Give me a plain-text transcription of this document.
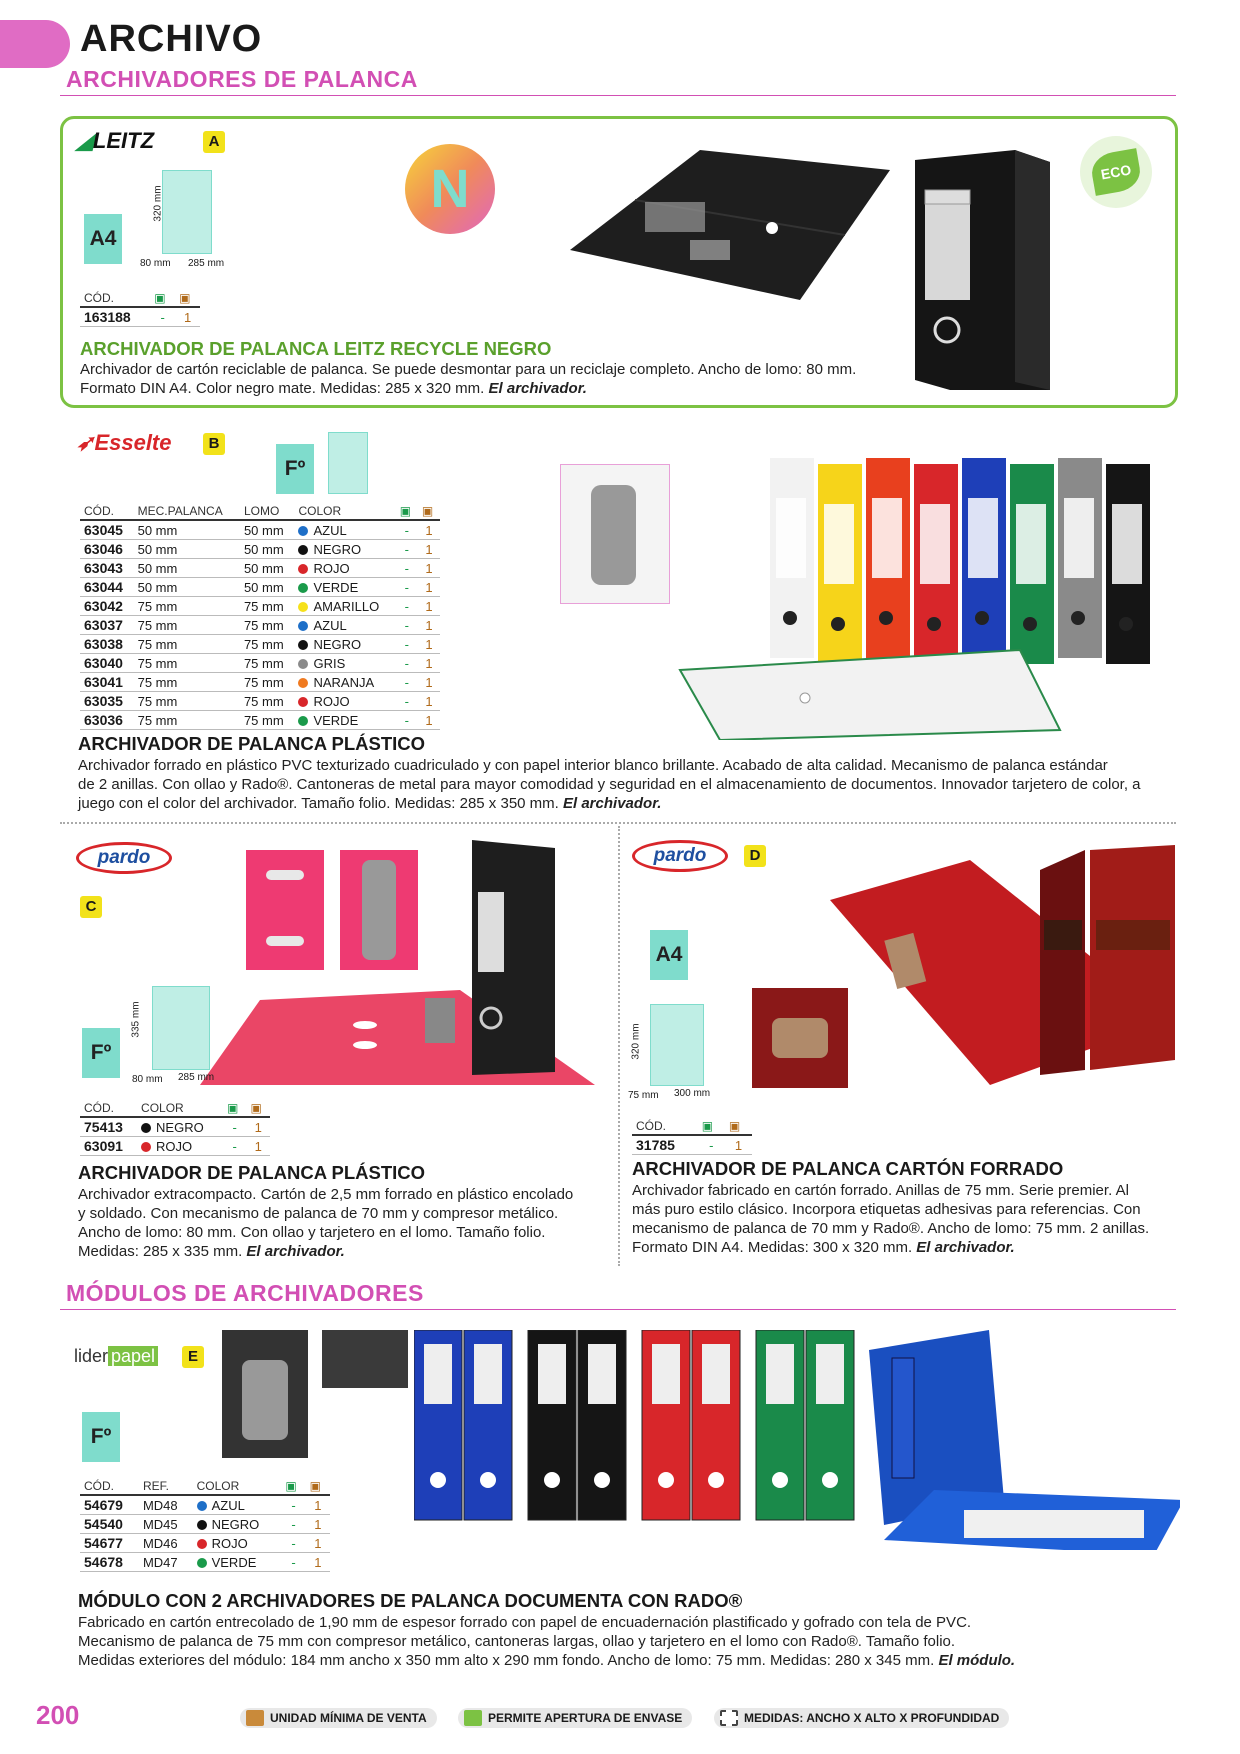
ARCHIVO
ARCHIVADORES DE PALANCA
◢LEITZ	A
A4
320 mm
80 mm 285 mm
CÓD.	▣	▣
163188	-	1
N	ECO
ARCHIVADOR DE PALANCA LEITZ RECYCLE NEGRO
Archivador de cartón reciclable de palanca. Se puede desmontar para un reciclaje completo. Ancho de lomo: 80 mm.
Formato DIN A4. Color negro mate. Medidas: 285 x 320 mm. El archivador.
➶Esselte	B
Fº
CÓD.	MEC.PALANCA	LOMO	COLOR	▣	▣
63045	50 mm	50 mm	AZUL	-	1
63046	50 mm	50 mm	NEGRO	-	1
63043	50 mm	50 mm	ROJO	-	1
63044	50 mm	50 mm	VERDE	-	1
63042	75 mm	75 mm	AMARILLO	-	1
63037	75 mm	75 mm	AZUL	-	1
63038	75 mm	75 mm	NEGRO	-	1
63040	75 mm	75 mm	GRIS	-	1
63041	75 mm	75 mm	NARANJA	-	1
63035	75 mm	75 mm	ROJO	-	1
63036	75 mm	75 mm	VERDE	-	1
ARCHIVADOR DE PALANCA PLÁSTICO
Archivador forrado en plástico PVC texturizado cuadriculado y con papel interior blanco brillante. Acabado de alta calidad. Mecanismo de palanca estándar
de 2 anillas. Con ollao y Rado®. Cantoneras de metal para mayor comodidad y seguridad en el almacenamiento de documentos. Innovador tarjetero de color, a
juego con el color del archivador. Tamaño folio. Medidas: 285 x 350 mm. El archivador.
pardo
C
Fº
335 mm
80 mm 285 mm
CÓD.	COLOR	▣	▣
75413	NEGRO	-	1
63091	ROJO	-	1
ARCHIVADOR DE PALANCA PLÁSTICO
Archivador extracompacto. Cartón de 2,5 mm forrado en plástico encolado
y soldado. Con mecanismo de palanca de 70 mm y compresor metálico.
Ancho de lomo: 80 mm. Con ollao y tarjetero en el lomo. Tamaño folio.
Medidas: 285 x 335 mm. El archivador.
pardo	D
A4
320 mm
75 mm 300 mm
CÓD.	▣	▣
31785	-	1
ARCHIVADOR DE PALANCA CARTÓN FORRADO
Archivador fabricado en cartón forrado. Anillas de 75 mm. Serie premier. Al
más puro estilo clásico. Incorpora etiquetas adhesivas para referencias. Con
mecanismo de palanca de 70 mm y Rado®. Ancho de lomo: 75 mm. 2 anillas.
Formato DIN A4. Medidas: 300 x 320 mm. El archivador.
MÓDULOS DE ARCHIVADORES
lider papel	E
Fº
CÓD.	REF.	COLOR	▣	▣
54679	MD48	AZUL	-	1
54540	MD45	NEGRO	-	1
54677	MD46	ROJO	-	1
54678	MD47	VERDE	-	1
MÓDULO CON 2 ARCHIVADORES DE PALANCA DOCUMENTA CON RADO®
Fabricado en cartón entrecolado de 1,90 mm de espesor forrado con papel de encuadernación plastificado y gofrado con tela de PVC.
Mecanismo de palanca de 75 mm con compresor metálico, cantoneras largas, ollao y tarjetero en el lomo con Rado®. Tamaño folio.
Medidas exteriores del módulo: 184 mm ancho x 350 mm alto x 290 mm fondo. Ancho de lomo: 75 mm. Medidas: 280 x 345 mm. El módulo.
200	UNIDAD MÍNIMA DE VENTA	PERMITE APERTURA DE ENVASE	MEDIDAS: ANCHO X ALTO X PROFUNDIDAD
